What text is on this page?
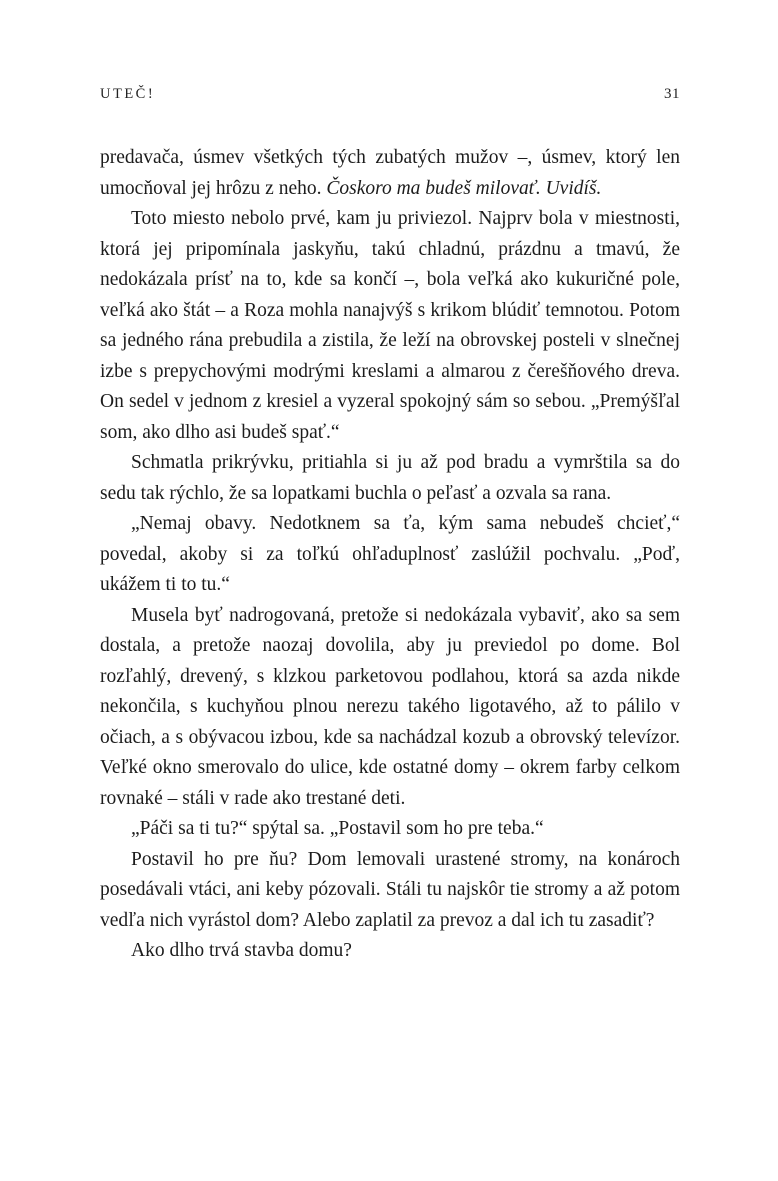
UTEČ!	31

predavača, úsmev všetkých tých zubatých mužov –, úsmev, ktorý len umocňoval jej hrôzu z neho. Čoskoro ma budeš milovať. Uvidíš.

Toto miesto nebolo prvé, kam ju priviezol. Najprv bola v miestnosti, ktorá jej pripomínala jaskyňu, takú chladnú, prázdnu a tmavú, že nedokázala prísť na to, kde sa končí –, bola veľká ako kukuričné pole, veľká ako štát – a Roza mohla nanajvýš s krikom blúdiť temnotou. Potom sa jedného rána prebudila a zistila, že leží na obrovskej posteli v slnečnej izbe s prepychovými modrými kreslami a almarou z čerešňového dreva. On sedel v jednom z kresiel a vyzeral spokojný sám so sebou. „Premýšľal som, ako dlho asi budeš spať.“

Schmatla prikrývku, pritiahla si ju až pod bradu a vymrštila sa do sedu tak rýchlo, že sa lopatkami buchla o peľasť a ozvala sa rana.

„Nemaj obavy. Nedotknem sa ťa, kým sama nebudeš chcieť,“ povedal, akoby si za toľkú ohľaduplnosť zaslúžil pochvalu. „Poď, ukážem ti to tu.“

Musela byť nadrogovaná, pretože si nedokázala vybaviť, ako sa sem dostala, a pretože naozaj dovolila, aby ju previedol po dome. Bol rozľahlý, drevený, s klzkou parketovou podlahou, ktorá sa azda nikde nekončila, s kuchyňou plnou nerezu takého ligotavého, až to pálilo v očiach, a s obývacou izbou, kde sa nachádzal kozub a obrovský televízor. Veľké okno smerovalo do ulice, kde ostatné domy – okrem farby celkom rovnaké – stáli v rade ako trestané deti.

„Páči sa ti tu?“ spýtal sa. „Postavil som ho pre teba.“

Postavil ho pre ňu? Dom lemovali urastené stromy, na konároch posedávali vtáci, ani keby pózovali. Stáli tu najskôr tie stromy a až potom vedľa nich vyrástol dom? Alebo zaplatil za prevoz a dal ich tu zasadiť?

Ako dlho trvá stavba domu?
